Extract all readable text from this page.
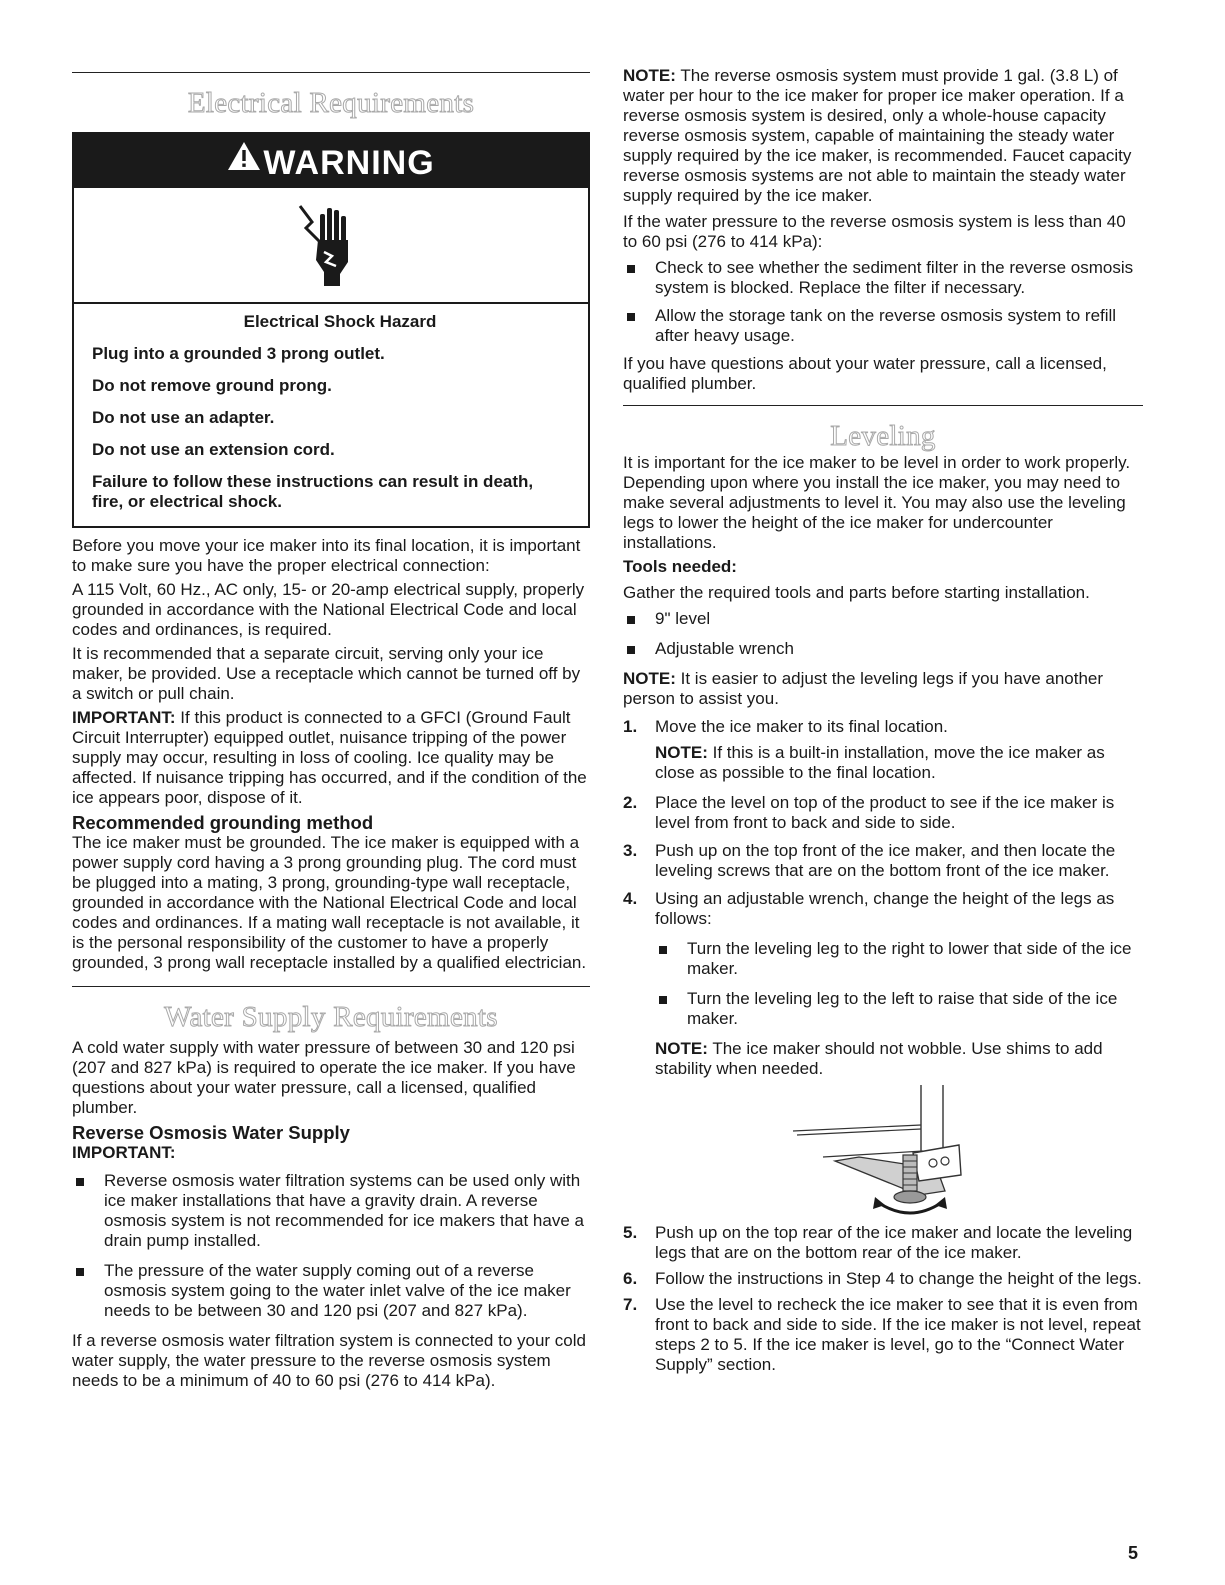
Electrical Requirements
WARNING

Electrical Shock Hazard

Plug into a grounded 3 prong outlet.

Do not remove ground prong.

Do not use an adapter.

Do not use an extension cord.

Failure to follow these instructions can result in death, fire, or electrical shock.

Before you move your ice maker into its final location, it is important to make sure you have the proper electrical connection:

A 115 Volt, 60 Hz., AC only, 15- or 20-amp electrical supply, properly grounded in accordance with the National Electrical Code and local codes and ordinances, is required.

It is recommended that a separate circuit, serving only your ice maker, be provided. Use a receptacle which cannot be turned off by a switch or pull chain.

IMPORTANT: If this product is connected to a GFCI (Ground Fault Circuit Interrupter) equipped outlet, nuisance tripping of the power supply may occur, resulting in loss of cooling. Ice quality may be affected. If nuisance tripping has occurred, and if the condition of the ice appears poor, dispose of it.

Recommended grounding method

The ice maker must be grounded. The ice maker is equipped with a power supply cord having a 3 prong grounding plug. The cord must be plugged into a mating, 3 prong, grounding-type wall receptacle, grounded in accordance with the National Electrical Code and local codes and ordinances. If a mating wall receptacle is not available, it is the personal responsibility of the customer to have a properly grounded, 3 prong wall receptacle installed by a qualified electrician.

Water Supply Requirements

A cold water supply with water pressure of between 30 and 120 psi (207 and 827 kPa) is required to operate the ice maker. If you have questions about your water pressure, call a licensed, qualified plumber.

Reverse Osmosis Water Supply

IMPORTANT:

Reverse osmosis water filtration systems can be used only with ice maker installations that have a gravity drain. A reverse osmosis system is not recommended for ice makers that have a drain pump installed.
The pressure of the water supply coming out of a reverse osmosis system going to the water inlet valve of the ice maker needs to be between 30 and 120 psi (207 and 827 kPa).

If a reverse osmosis water filtration system is connected to your cold water supply, the water pressure to the reverse osmosis system needs to be a minimum of 40 to 60 psi (276 to 414 kPa).

NOTE: The reverse osmosis system must provide 1 gal. (3.8 L) of water per hour to the ice maker for proper ice maker operation. If a reverse osmosis system is desired, only a whole-house capacity reverse osmosis system, capable of maintaining the steady water supply required by the ice maker, is recommended. Faucet capacity reverse osmosis systems are not able to maintain the steady water supply required by the ice maker.

If the water pressure to the reverse osmosis system is less than 40 to 60 psi (276 to 414 kPa):

Check to see whether the sediment filter in the reverse osmosis system is blocked. Replace the filter if necessary.
Allow the storage tank on the reverse osmosis system to refill after heavy usage.

If you have questions about your water pressure, call a licensed, qualified plumber.

Leveling

It is important for the ice maker to be level in order to work properly. Depending upon where you install the ice maker, you may need to make several adjustments to level it. You may also use the leveling legs to lower the height of the ice maker for undercounter installations.

Tools needed:

Gather the required tools and parts before starting installation.

9" level
Adjustable wrench

NOTE: It is easier to adjust the leveling legs if you have another person to assist you.

1. Move the ice maker to its final location.

NOTE: If this is a built-in installation, move the ice maker as close as possible to the final location.

2. Place the level on top of the product to see if the ice maker is level from front to back and side to side.
3. Push up on the top front of the ice maker, and then locate the leveling screws that are on the bottom front of the ice maker.
4. Using an adjustable wrench, change the height of the legs as follows:
Turn the leveling leg to the right to lower that side of the ice maker.
Turn the leveling leg to the left to raise that side of the ice maker.

NOTE: The ice maker should not wobble. Use shims to add stability when needed.

5. Push up on the top rear of the ice maker and locate the leveling legs that are on the bottom rear of the ice maker.
6. Follow the instructions in Step 4 to change the height of the legs.
7. Use the level to recheck the ice maker to see that it is even from front to back and side to side. If the ice maker is not level, repeat steps 2 to 5. If the ice maker is level, go to the “Connect Water Supply” section.
5
